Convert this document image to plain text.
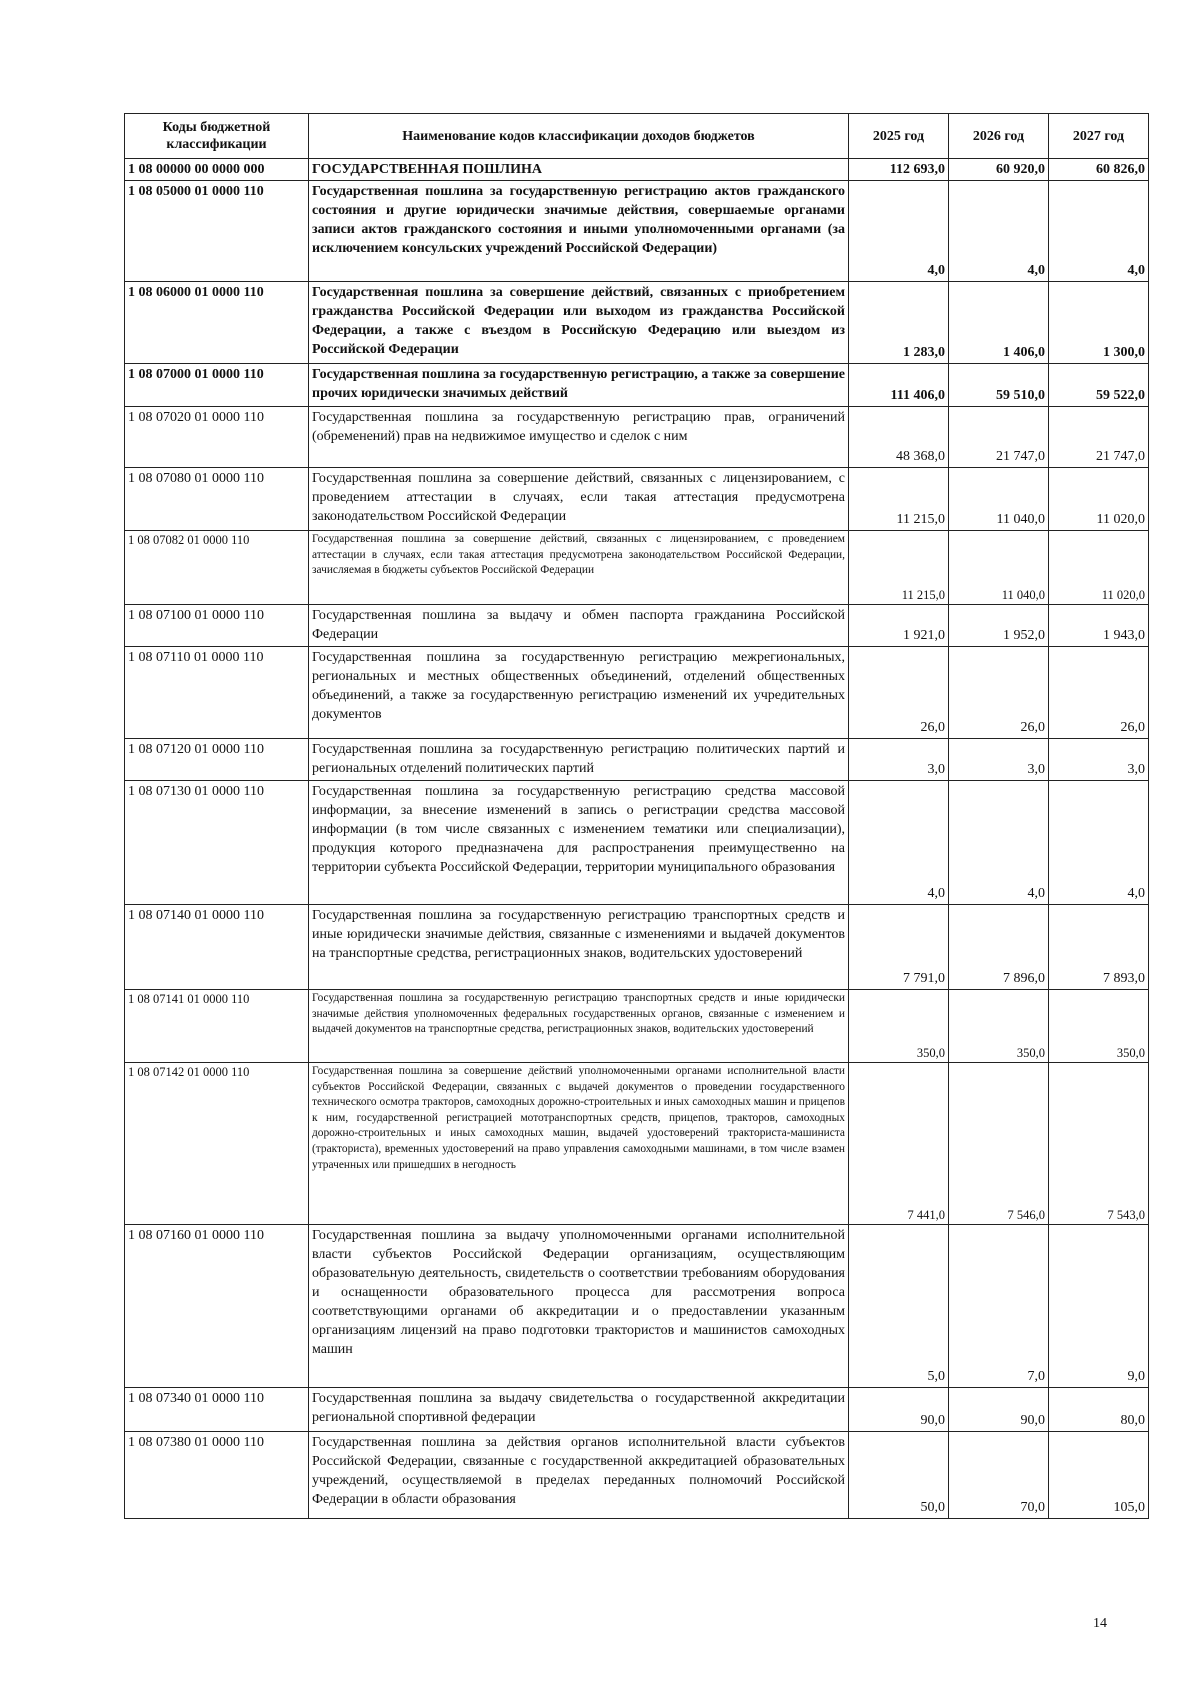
Коды бюджетной классификации	Наименование кодов классификации доходов бюджетов	2025 год	2026 год	2027 год
1 08 00000 00 0000 000	ГОСУДАРСТВЕННАЯ ПОШЛИНА	112 693,0	60 920,0	60 826,0
1 08 05000 01 0000 110	Государственная пошлина за государственную регистрацию актов гражданского состояния и другие юридически значимые действия, совершаемые органами записи актов гражданского состояния и иными уполномоченными органами (за исключением консульских учреждений Российской Федерации)	4,0	4,0	4,0
1 08 06000 01 0000 110	Государственная пошлина за совершение действий, связанных с приобретением гражданства Российской Федерации или выходом из гражданства Российской Федерации, а также с въездом в Российскую Федерацию или выездом из Российской Федерации	1 283,0	1 406,0	1 300,0
1 08 07000 01 0000 110	Государственная пошлина за государственную регистрацию, а также за совершение прочих юридически значимых действий	111 406,0	59 510,0	59 522,0
1 08 07020 01 0000 110	Государственная пошлина за государственную регистрацию прав, ограничений (обременений) прав на недвижимое имущество и сделок с ним	48 368,0	21 747,0	21 747,0
1 08 07080 01 0000 110	Государственная пошлина за совершение действий, связанных с лицензированием, с проведением аттестации в случаях, если такая аттестация предусмотрена законодательством Российской Федерации	11 215,0	11 040,0	11 020,0
1 08 07082 01 0000 110	Государственная пошлина за совершение действий, связанных с лицензированием, с проведением аттестации в случаях, если такая аттестация предусмотрена законодательством Российской Федерации, зачисляемая в бюджеты субъектов Российской Федерации	11 215,0	11 040,0	11 020,0
1 08 07100 01 0000 110	Государственная пошлина за выдачу и обмен паспорта гражданина Российской Федерации	1 921,0	1 952,0	1 943,0
1 08 07110 01 0000 110	Государственная пошлина за государственную регистрацию межрегиональных, региональных и местных общественных объединений, отделений общественных объединений, а также за государственную регистрацию изменений их учредительных документов	26,0	26,0	26,0
1 08 07120 01 0000 110	Государственная пошлина за государственную регистрацию политических партий и региональных отделений политических партий	3,0	3,0	3,0
1 08 07130 01 0000 110	Государственная пошлина за государственную регистрацию средства массовой информации, за внесение изменений в запись о регистрации средства массовой информации (в том числе связанных с изменением тематики или специализации), продукция которого предназначена для распространения преимущественно на территории субъекта Российской Федерации, территории муниципального образования	4,0	4,0	4,0
1 08 07140 01 0000 110	Государственная пошлина за государственную регистрацию транспортных средств и иные юридически значимые действия, связанные с изменениями и выдачей документов на транспортные средства, регистрационных знаков, водительских удостоверений	7 791,0	7 896,0	7 893,0
1 08 07141 01 0000 110	Государственная пошлина за государственную регистрацию транспортных средств и иные юридически значимые действия уполномоченных федеральных государственных органов, связанные с изменением и выдачей документов на транспортные средства, регистрационных знаков, водительских удостоверений	350,0	350,0	350,0
1 08 07142 01 0000 110	Государственная пошлина за совершение действий уполномоченными органами исполнительной власти субъектов Российской Федерации, связанных с выдачей документов о проведении государственного технического осмотра тракторов, самоходных дорожно-строительных и иных самоходных машин и прицепов к ним, государственной регистрацией мототранспортных средств, прицепов, тракторов, самоходных дорожно-строительных и иных самоходных машин, выдачей удостоверений тракториста-машиниста (тракториста), временных удостоверений на право управления самоходными машинами, в том числе взамен утраченных или пришедших в негодность	7 441,0	7 546,0	7 543,0
1 08 07160 01 0000 110	Государственная пошлина за выдачу уполномоченными органами исполнительной власти субъектов Российской Федерации организациям, осуществляющим образовательную деятельность, свидетельств о соответствии требованиям оборудования и оснащенности образовательного процесса для рассмотрения вопроса соответствующими органами об аккредитации и о предоставлении указанным организациям лицензий на право подготовки трактористов и машинистов самоходных машин	5,0	7,0	9,0
1 08 07340 01 0000 110	Государственная пошлина за выдачу свидетельства о государственной аккредитации региональной спортивной федерации	90,0	90,0	80,0
1 08 07380 01 0000 110	Государственная пошлина за действия органов исполнительной власти субъектов Российской Федерации, связанные с государственной аккредитацией образовательных учреждений, осуществляемой в пределах переданных полномочий Российской Федерации в области образования	50,0	70,0	105,0
14
